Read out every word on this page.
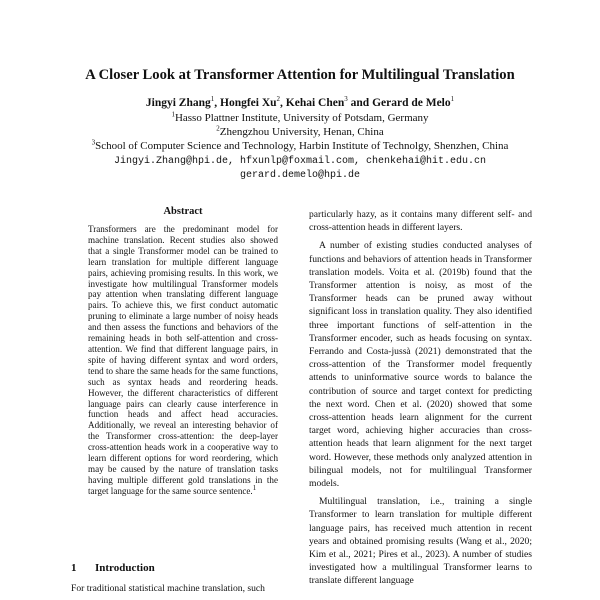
A Closer Look at Transformer Attention for Multilingual Translation
Jingyi Zhang$^1$, Hongfei Xu$^2$, Kehai Chen$^3$ and Gerard de Melo$^1$
$^1$Hasso Plattner Institute, University of Potsdam, Germany
$^2$Zhengzhou University, Henan, China
$^3$School of Computer Science and Technology, Harbin Institute of Technolgy, Shenzhen, China
Jingyi.Zhang@hpi.de, hfxunlp@foxmail.com, chenkehai@hit.edu.cn
gerard.demelo@hpi.de
Abstract

Transformers are the predominant model for machine translation. Recent studies also showed that a single Transformer model can be trained to learn translation for multiple different language pairs, achieving promising results. In this work, we investigate how multilingual Transformer models pay attention when translating different language pairs. To achieve this, we first conduct automatic pruning to eliminate a large number of noisy heads and then assess the functions and behaviors of the remaining heads in both self-attention and cross-attention. We find that different language pairs, in spite of having different syntax and word orders, tend to share the same heads for the same functions, such as syntax heads and reordering heads. However, the different characteristics of different language pairs can clearly cause interference in function heads and affect head accuracies. Additionally, we reveal an interesting behavior of the Transformer cross-attention: the deep-layer cross-attention heads work in a cooperative way to learn different options for word reordering, which may be caused by the nature of translation tasks having multiple different gold translations in the target language for the same source sentence.$^1$

1 Introduction

For traditional statistical machine translation, such

particularly hazy, as it contains many different self- and cross-attention heads in different layers.

A number of existing studies conducted analyses of functions and behaviors of attention heads in Transformer translation models. Voita et al. (2019b) found that the Transformer attention is noisy, as most of the Transformer heads can be pruned away without significant loss in translation quality. They also identified three important functions of self-attention in the Transformer encoder, such as heads focusing on syntax. Ferrando and Costa-jussà (2021) demonstrated that the cross-attention of the Transformer model frequently attends to uninformative source words to balance the contribution of source and target context for predicting the next word. Chen et al. (2020) showed that some cross-attention heads learn alignment for the current target word, achieving higher accuracies than cross-attention heads that learn alignment for the next target word. However, these methods only analyzed attention in bilingual models, not for multilingual Transformer models.

Multilingual translation, i.e., training a single Transformer to learn translation for multiple different language pairs, has received much attention in recent years and obtained promising results (Wang et al., 2020; Kim et al., 2021; Pires et al., 2023). A number of studies investigated how a multilingual Transformer learns to translate different language
